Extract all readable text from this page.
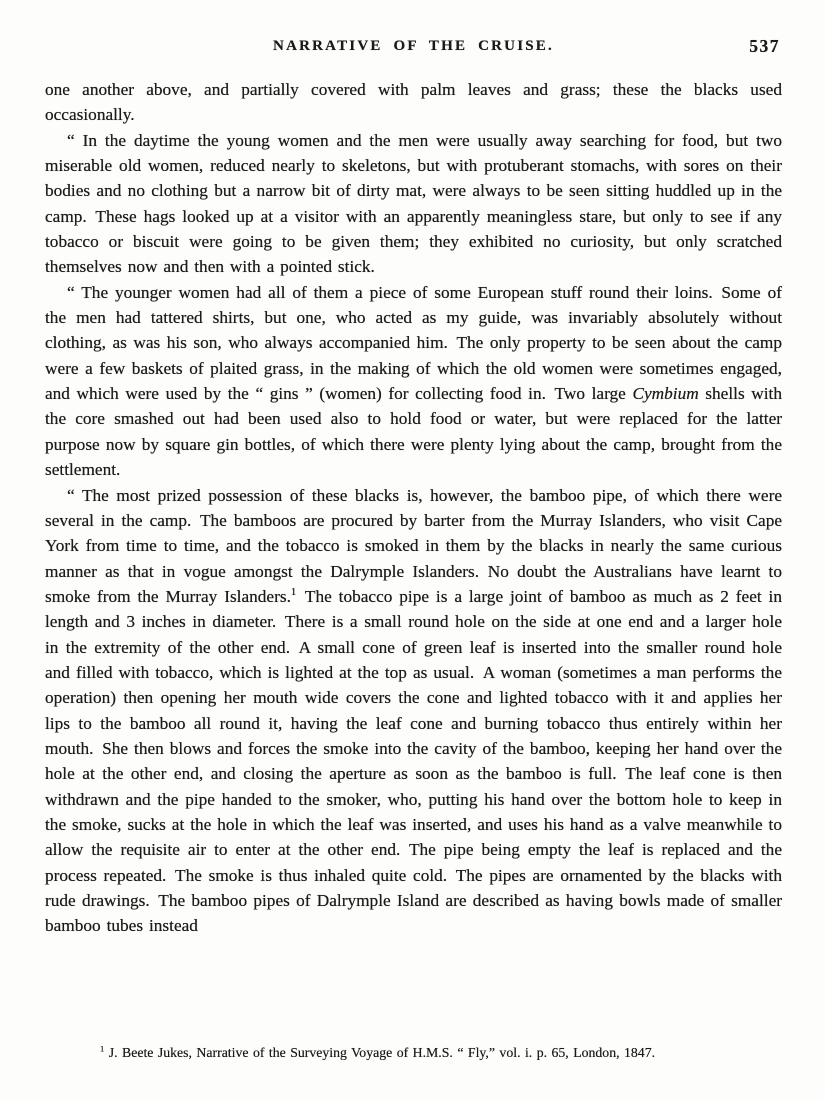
NARRATIVE OF THE CRUISE.	537

one another above, and partially covered with palm leaves and grass; these the blacks used occasionally.

“ In the daytime the young women and the men were usually away searching for food, but two miserable old women, reduced nearly to skeletons, but with protuberant stomachs, with sores on their bodies and no clothing but a narrow bit of dirty mat, were always to be seen sitting huddled up in the camp. These hags looked up at a visitor with an apparently meaningless stare, but only to see if any tobacco or biscuit were going to be given them; they exhibited no curiosity, but only scratched themselves now and then with a pointed stick.

“ The younger women had all of them a piece of some European stuff round their loins. Some of the men had tattered shirts, but one, who acted as my guide, was invariably absolutely without clothing, as was his son, who always accompanied him. The only property to be seen about the camp were a few baskets of plaited grass, in the making of which the old women were sometimes engaged, and which were used by the “ gins ” (women) for collecting food in. Two large Cymbium shells with the core smashed out had been used also to hold food or water, but were replaced for the latter purpose now by square gin bottles, of which there were plenty lying about the camp, brought from the settlement.

“ The most prized possession of these blacks is, however, the bamboo pipe, of which there were several in the camp. The bamboos are procured by barter from the Murray Islanders, who visit Cape York from time to time, and the tobacco is smoked in them by the blacks in nearly the same curious manner as that in vogue amongst the Dalrymple Islanders. No doubt the Australians have learnt to smoke from the Murray Islanders.$^1$ The tobacco pipe is a large joint of bamboo as much as 2 feet in length and 3 inches in diameter. There is a small round hole on the side at one end and a larger hole in the extremity of the other end. A small cone of green leaf is inserted into the smaller round hole and filled with tobacco, which is lighted at the top as usual. A woman (sometimes a man performs the operation) then opening her mouth wide covers the cone and lighted tobacco with it and applies her lips to the bamboo all round it, having the leaf cone and burning tobacco thus entirely within her mouth. She then blows and forces the smoke into the cavity of the bamboo, keeping her hand over the hole at the other end, and closing the aperture as soon as the bamboo is full. The leaf cone is then withdrawn and the pipe handed to the smoker, who, putting his hand over the bottom hole to keep in the smoke, sucks at the hole in which the leaf was inserted, and uses his hand as a valve meanwhile to allow the requisite air to enter at the other end. The pipe being empty the leaf is replaced and the process repeated. The smoke is thus inhaled quite cold. The pipes are ornamented by the blacks with rude drawings. The bamboo pipes of Dalrymple Island are described as having bowls made of smaller bamboo tubes instead

$^1$ J. Beete Jukes, Narrative of the Surveying Voyage of H.M.S. “ Fly,” vol. i. p. 65, London, 1847.
